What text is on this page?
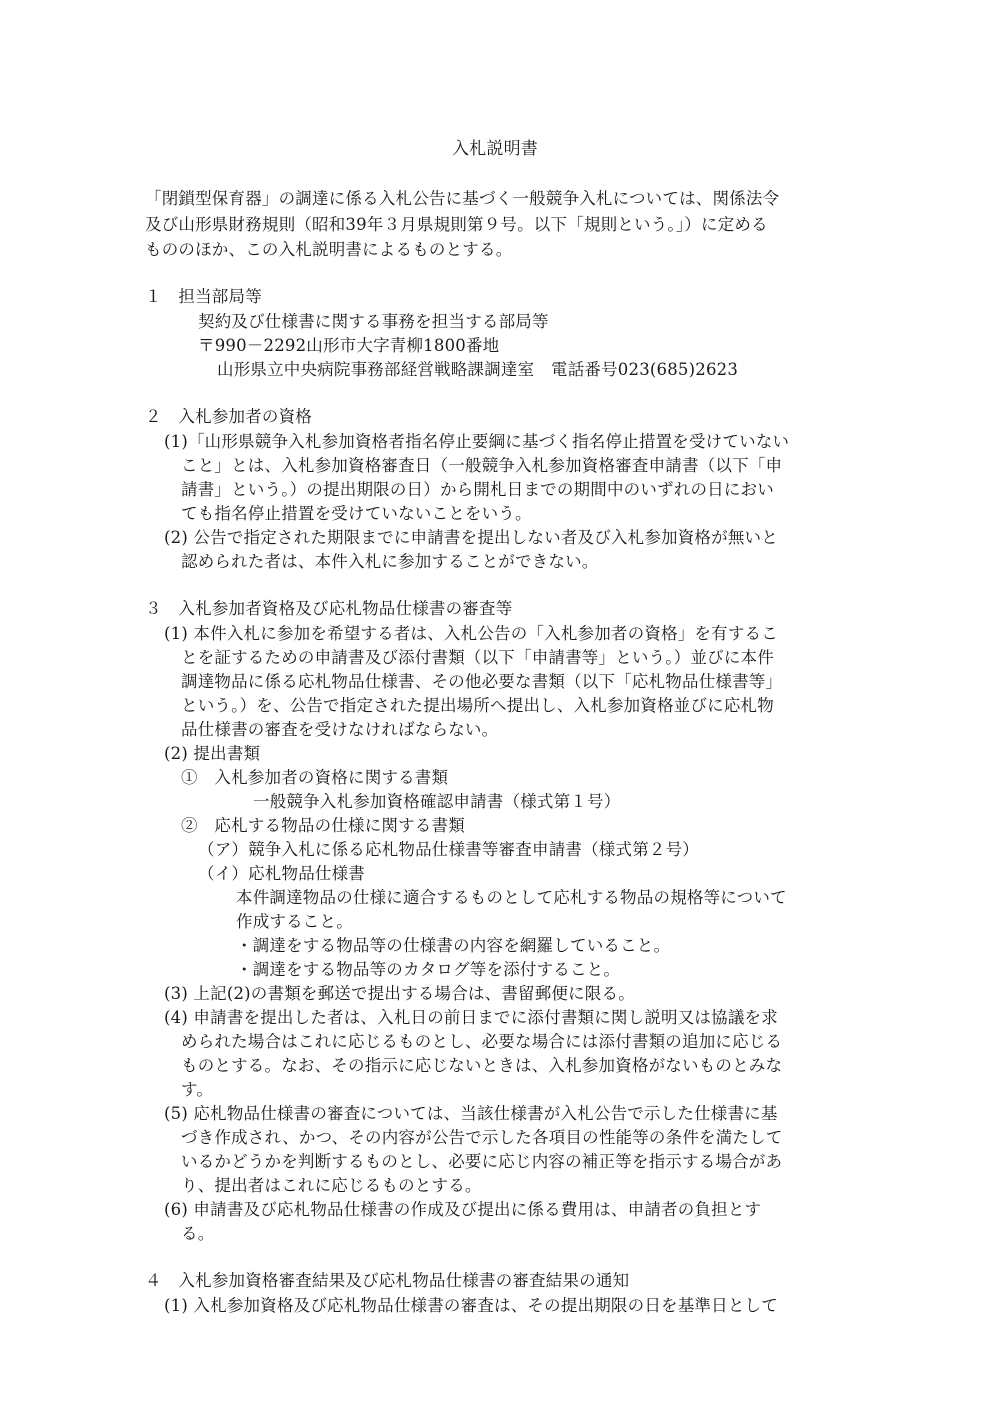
入札説明書
「閉鎖型保育器」の調達に係る入札公告に基づく一般競争入札については、関係法令
及び山形県財務規則（昭和39年３月県規則第９号。以下「規則という。」）に定める
もののほか、この入札説明書によるものとする。
１　担当部局等
契約及び仕様書に関する事務を担当する部局等
〒990－2292山形市大字青柳1800番地
山形県立中央病院事務部経営戦略課調達室　電話番号023(685)2623
２　入札参加者の資格
(1)「山形県競争入札参加資格者指名停止要綱に基づく指名停止措置を受けていない
こと」とは、入札参加資格審査日（一般競争入札参加資格審査申請書（以下「申
請書」という。）の提出期限の日）から開札日までの期間中のいずれの日におい
ても指名停止措置を受けていないことをいう。
(2) 公告で指定された期限までに申請書を提出しない者及び入札参加資格が無いと
認められた者は、本件入札に参加することができない。
３　入札参加者資格及び応札物品仕様書の審査等
(1) 本件入札に参加を希望する者は、入札公告の「入札参加者の資格」を有するこ
とを証するための申請書及び添付書類（以下「申請書等」という。）並びに本件
調達物品に係る応札物品仕様書、その他必要な書類（以下「応札物品仕様書等」
という。）を、公告で指定された提出場所へ提出し、入札参加資格並びに応札物
品仕様書の審査を受けなければならない。
(2) 提出書類
①　入札参加者の資格に関する書類
一般競争入札参加資格確認申請書（様式第１号）
②　応札する物品の仕様に関する書類
（ア）競争入札に係る応札物品仕様書等審査申請書（様式第２号）
（イ）応札物品仕様書
本件調達物品の仕様に適合するものとして応札する物品の規格等について
作成すること。
・調達をする物品等の仕様書の内容を網羅していること。
・調達をする物品等のカタログ等を添付すること。
(3) 上記(2)の書類を郵送で提出する場合は、書留郵便に限る。
(4) 申請書を提出した者は、入札日の前日までに添付書類に関し説明又は協議を求
められた場合はこれに応じるものとし、必要な場合には添付書類の追加に応じる
ものとする。なお、その指示に応じないときは、入札参加資格がないものとみな
す。
(5) 応札物品仕様書の審査については、当該仕様書が入札公告で示した仕様書に基
づき作成され、かつ、その内容が公告で示した各項目の性能等の条件を満たして
いるかどうかを判断するものとし、必要に応じ内容の補正等を指示する場合があ
り、提出者はこれに応じるものとする。
(6) 申請書及び応札物品仕様書の作成及び提出に係る費用は、申請者の負担とす
る。
４　入札参加資格審査結果及び応札物品仕様書の審査結果の通知
(1) 入札参加資格及び応札物品仕様書の審査は、その提出期限の日を基準日として
